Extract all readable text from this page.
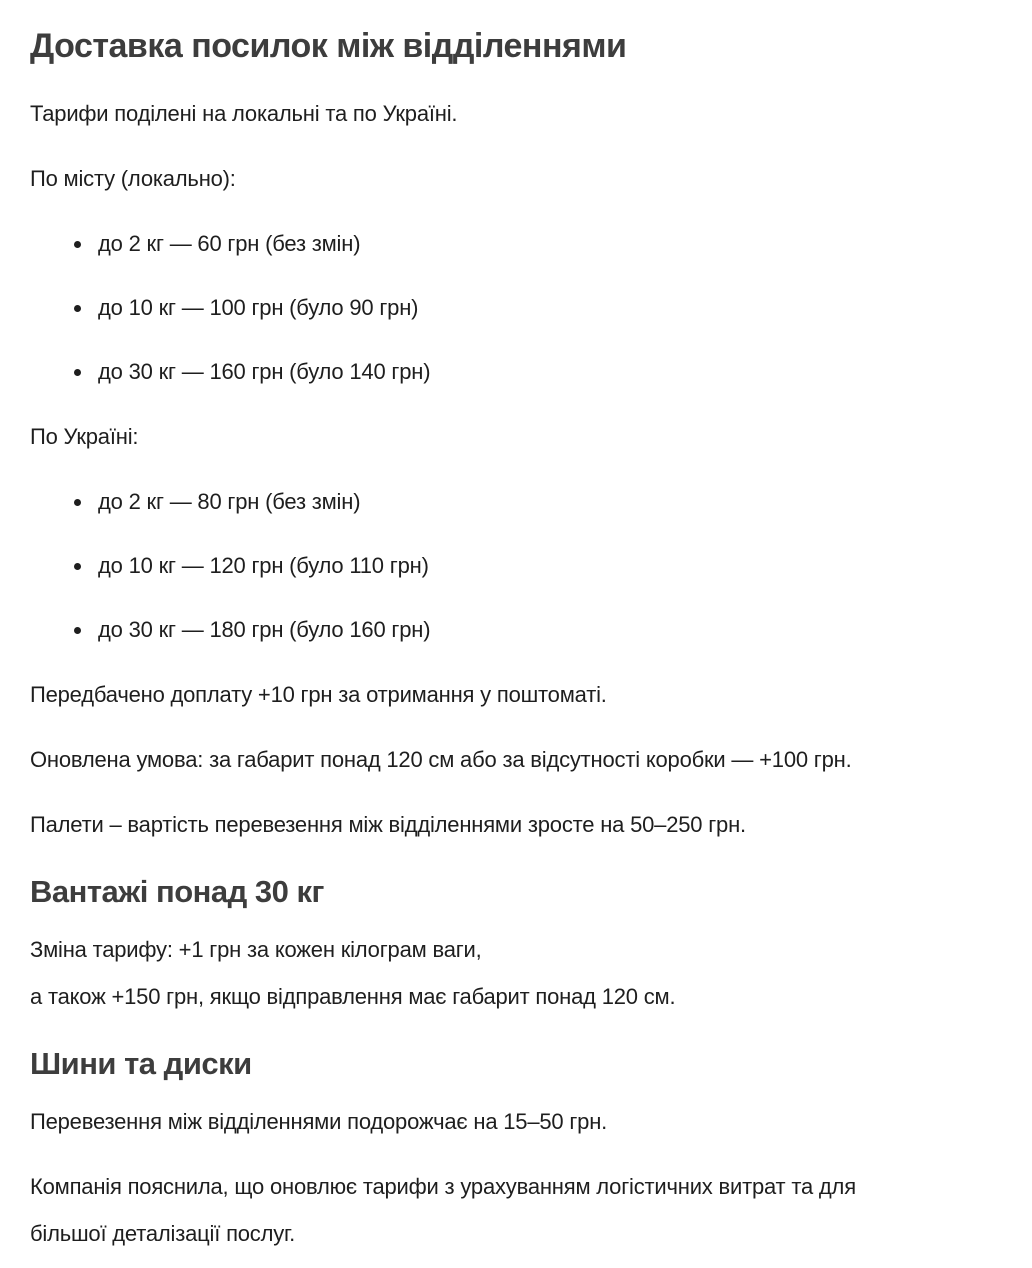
Доставка посилок між відділеннями

Тарифи поділені на локальні та по Україні.

По місту (локально):

• до 2 кг — 60 грн (без змін)
• до 10 кг — 100 грн (було 90 грн)
• до 30 кг — 160 грн (було 140 грн)

По Україні:

• до 2 кг — 80 грн (без змін)
• до 10 кг — 120 грн (було 110 грн)
• до 30 кг — 180 грн (було 160 грн)

Передбачено доплату +10 грн за отримання у поштоматі.

Оновлена умова: за габарит понад 120 см або за відсутності коробки — +100 грн.

Палети – вартість перевезення між відділеннями зросте на 50–250 грн.

Вантажі понад 30 кг

Зміна тарифу: +1 грн за кожен кілограм ваги,
а також +150 грн, якщо відправлення має габарит понад 120 см.

Шини та диски

Перевезення між відділеннями подорожчає на 15–50 грн.

Компанія пояснила, що оновлює тарифи з урахуванням логістичних витрат та для
більшої деталізації послуг.
